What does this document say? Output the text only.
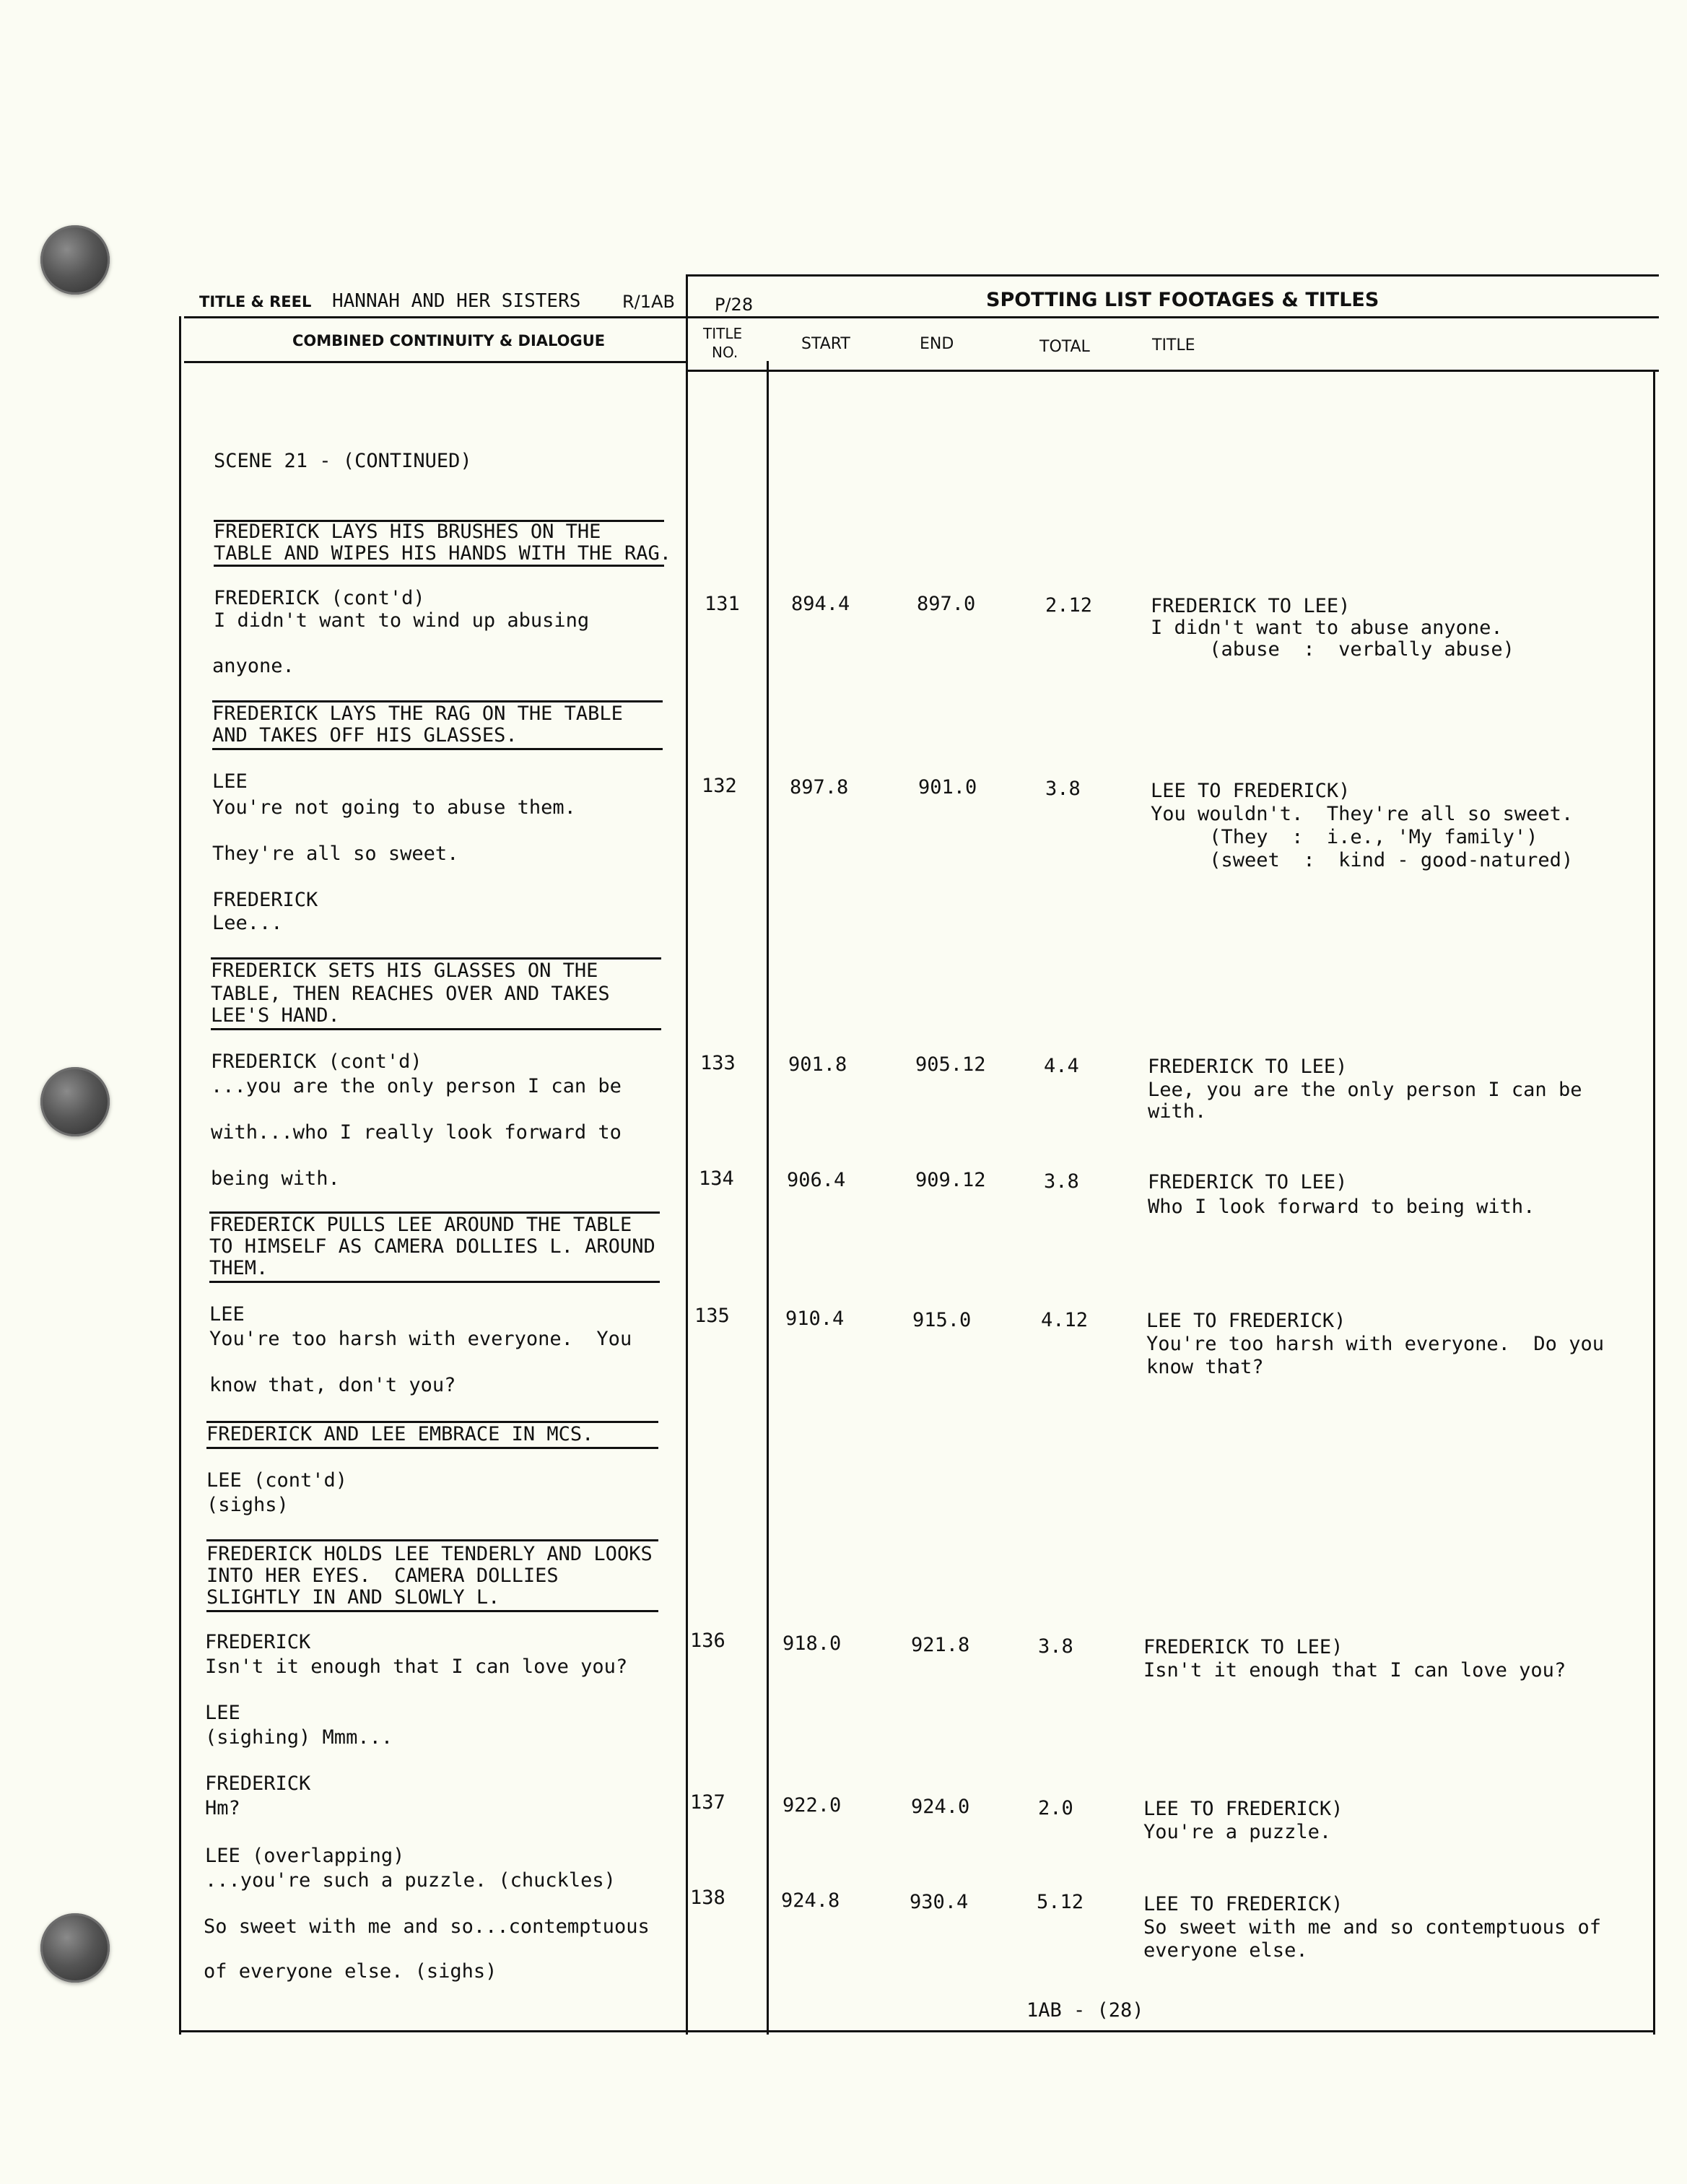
TITLE & REEL HANNAH AND HER SISTERS R/1AB P/28	SPOTTING LIST FOOTAGES & TITLES
COMBINED CONTINUITY & DIALOGUE	TITLE
NO.	START	END	TOTAL	TITLE
SCENE 21 - (CONTINUED)
FREDERICK LAYS HIS BRUSHES ON THE
TABLE AND WIPES HIS HANDS WITH THE RAG.
FREDERICK (cont'd)
I didn't want to wind up abusing
anyone.
FREDERICK LAYS THE RAG ON THE TABLE
AND TAKES OFF HIS GLASSES.
LEE
You're not going to abuse them.
They're all so sweet.
FREDERICK
Lee...
FREDERICK SETS HIS GLASSES ON THE
TABLE, THEN REACHES OVER AND TAKES
LEE'S HAND.
FREDERICK (cont'd)
...you are the only person I can be
with...who I really look forward to
being with.
FREDERICK PULLS LEE AROUND THE TABLE
TO HIMSELF AS CAMERA DOLLIES L. AROUND
THEM.
LEE
You're too harsh with everyone.  You
know that, don't you?
FREDERICK AND LEE EMBRACE IN MCS.
LEE (cont'd)
(sighs)
FREDERICK HOLDS LEE TENDERLY AND LOOKS
INTO HER EYES.  CAMERA DOLLIES
SLIGHTLY IN AND SLOWLY L.
FREDERICK
Isn't it enough that I can love you?
LEE
(sighing) Mmm...
FREDERICK
Hm?
LEE (overlapping)
...you're such a puzzle. (chuckles)
So sweet with me and so...contemptuous
of everyone else. (sighs)
131	894.4	897.0	2.12	FREDERICK TO LEE)
I didn't want to abuse anyone.
(abuse  :  verbally abuse)
132	897.8	901.0	3.8	LEE TO FREDERICK)
You wouldn't.  They're all so sweet.
(They  :  i.e., 'My family')
(sweet  :  kind - good-natured)
133	901.8	905.12	4.4	FREDERICK TO LEE)
Lee, you are the only person I can be
with.
134	906.4	909.12	3.8	FREDERICK TO LEE)
Who I look forward to being with.
135	910.4	915.0	4.12	LEE TO FREDERICK)
You're too harsh with everyone.  Do you
know that?
136	918.0	921.8	3.8	FREDERICK TO LEE)
Isn't it enough that I can love you?
137	922.0	924.0	2.0	LEE TO FREDERICK)
You're a puzzle.
138	924.8	930.4	5.12	LEE TO FREDERICK)
So sweet with me and so contemptuous of
everyone else.
1AB - (28)
